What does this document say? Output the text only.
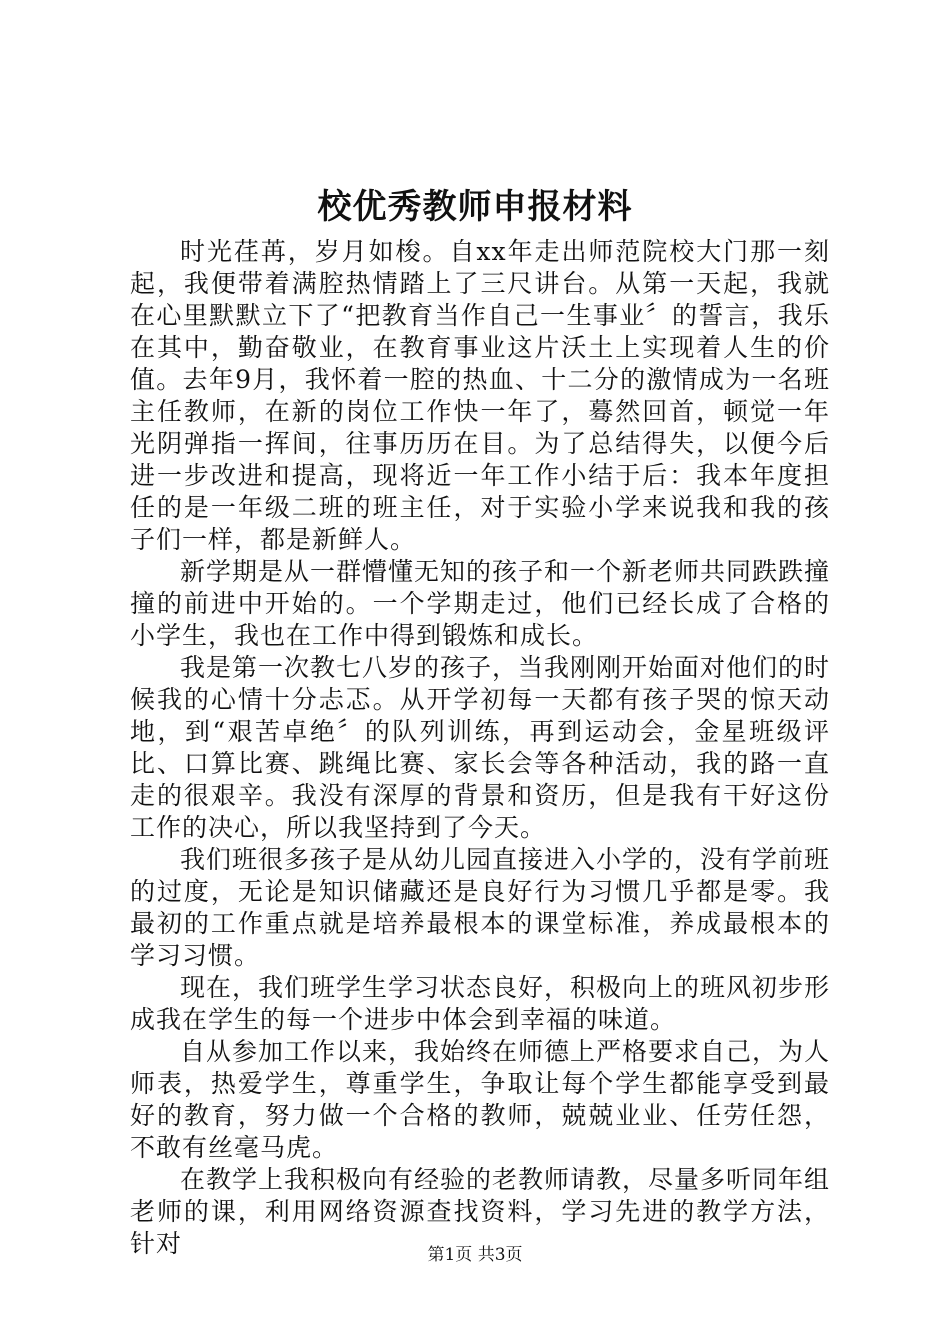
校优秀教师申报材料

时光荏苒，岁月如梭。自xx年走出师范院校大门那一刻起，我便带着满腔热情踏上了三尺讲台。从第一天起，我就在心里默默立下了“把教育当作自己一生事业〞的誓言，我乐在其中，勤奋敬业，在教育事业这片沃土上实现着人生的价值。去年9月，我怀着一腔的热血、十二分的激情成为一名班主任教师，在新的岗位工作快一年了，蓦然回首，顿觉一年光阴弹指一挥间，往事历历在目。为了总结得失，以便今后进一步改进和提高，现将近一年工作小结于后：我本年度担任的是一年级二班的班主任，对于实验小学来说我和我的孩子们一样，都是新鲜人。

新学期是从一群懵懂无知的孩子和一个新老师共同跌跌撞撞的前进中开始的。一个学期走过，他们已经长成了合格的小学生，我也在工作中得到锻炼和成长。

我是第一次教七八岁的孩子，当我刚刚开始面对他们的时候我的心情十分忐忑。从开学初每一天都有孩子哭的惊天动地，到“艰苦卓绝〞的队列训练，再到运动会，金星班级评比、口算比赛、跳绳比赛、家长会等各种活动，我的路一直走的很艰辛。我没有深厚的背景和资历，但是我有干好这份工作的决心，所以我坚持到了今天。

我们班很多孩子是从幼儿园直接进入小学的，没有学前班的过度，无论是知识储藏还是良好行为习惯几乎都是零。我最初的工作重点就是培养最根本的课堂标准，养成最根本的学习习惯。

现在，我们班学生学习状态良好，积极向上的班风初步形成我在学生的每一个进步中体会到幸福的味道。

自从参加工作以来，我始终在师德上严格要求自己，为人师表，热爱学生，尊重学生，争取让每个学生都能享受到最好的教育，努力做一个合格的教师，兢兢业业、任劳任怨，不敢有丝毫马虎。

在教学上我积极向有经验的老教师请教，尽量多听同年组老师的课，利用网络资源查找资料，学习先进的教学方法，针对	第1页 共3页
